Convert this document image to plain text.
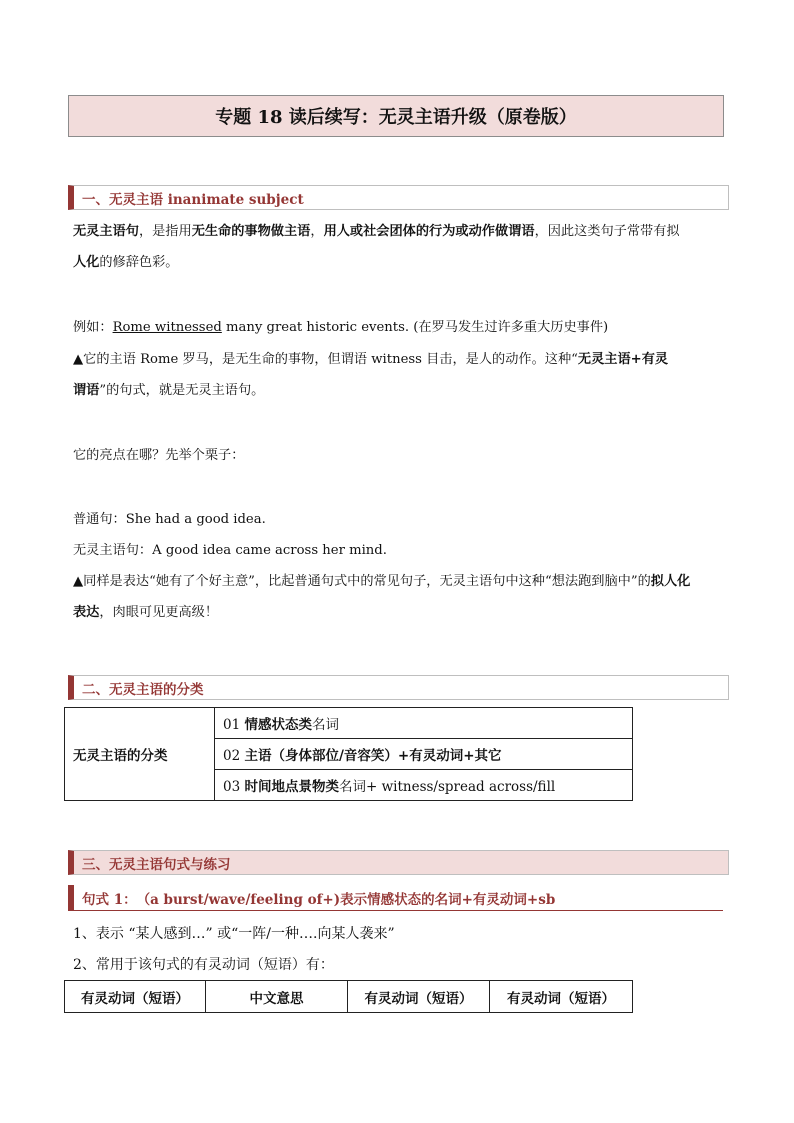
专题 18 读后续写：无灵主语升级（原卷版）
一、无灵主语 inanimate subject
无灵主语句，是指用无生命的事物做主语，用人或社会团体的行为或动作做谓语，因此这类句子常带有拟
人化的修辞色彩。
例如：Rome witnessed many great historic events. (在罗马发生过许多重大历史事件)
▲它的主语 Rome 罗马，是无生命的事物，但谓语 witness 目击，是人的动作。这种“无灵主语+有灵
谓语”的句式，就是无灵主语句。
它的亮点在哪？先举个栗子：
普通句：She had a good idea.
无灵主语句：A good idea came across her mind.
▲同样是表达“她有了个好主意”，比起普通句式中的常见句子，无灵主语句中这种“想法跑到脑中”的拟人化
表达，肉眼可见更高级！
二、无灵主语的分类
无灵主语的分类	01 情感状态类名词
02 主语（身体部位/音容笑）+有灵动词+其它
03 时间地点景物类名词+ witness/spread across/fill
三、无灵主语句式与练习
句式 1： （a burst/wave/feeling of+)表示情感状态的名词+有灵动词+sb
1、表示 “某人感到…” 或“一阵/一种….向某人袭来”
2、常用于该句式的有灵动词（短语）有：
有灵动词（短语）	中文意思	有灵动词（短语）	有灵动词（短语）
